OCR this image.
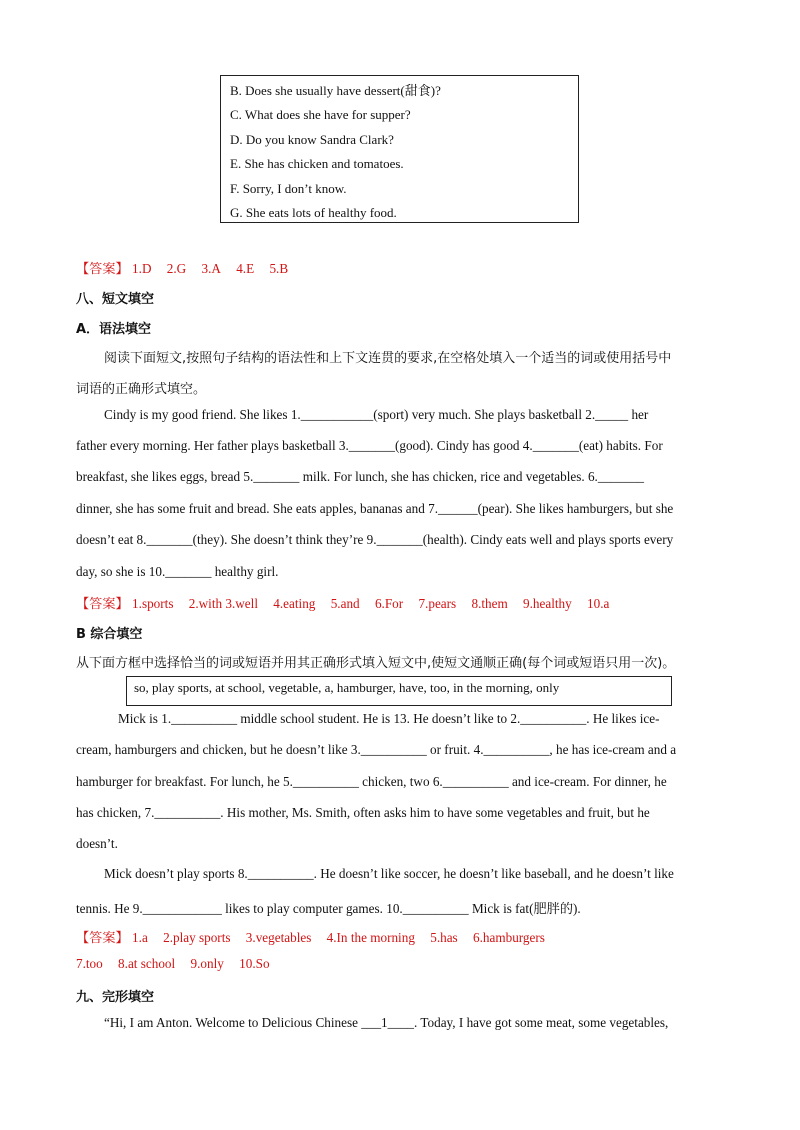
B. Does she usually have dessert(甜食)?
C. What does she have for supper?
D. Do you know Sandra Clark?
E. She has chicken and tomatoes.
F. Sorry, I don’t know.
G. She eats lots of healthy food.
【答案】 1.D 2.G 3.A 4.E 5.B
八、短文填空
A．语法填空
阅读下面短文,按照句子结构的语法性和上下文连贯的要求,在空格处填入一个适当的词或使用括号中
词语的正确形式填空。
Cindy is my good friend. She likes 1.___________(sport) very much. She plays basketball 2._____ her
father every morning. Her father plays basketball 3._______(good). Cindy has good 4._______(eat) habits. For
breakfast, she likes eggs, bread 5._______ milk. For lunch, she has chicken, rice and vegetables. 6._______
dinner, she has some fruit and bread. She eats apples, bananas and 7.______(pear). She likes hamburgers, but she
doesn’t eat 8._______(they). She doesn’t think they’re 9._______(health). Cindy eats well and plays sports every
day, so she is 10._______ healthy girl.
【答案】 1.sports 2.with 3.well 4.eating 5.and 6.For 7.pears 8.them 9.healthy 10.a
B 综合填空
从下面方框中选择恰当的词或短语并用其正确形式填入短文中,使短文通顺正确(每个词或短语只用一次)。
so, play sports, at school, vegetable, a, hamburger, have, too, in the morning, only
Mick is 1.__________ middle school student. He is 13. He doesn’t like to 2.__________. He likes ice-
cream, hamburgers and chicken, but he doesn’t like 3.__________ or fruit. 4.__________, he has ice-cream and a
hamburger for breakfast. For lunch, he 5.__________ chicken, two 6.__________ and ice-cream. For dinner, he
has chicken, 7.__________. His mother, Ms. Smith, often asks him to have some vegetables and fruit, but he
doesn’t.
Mick doesn’t play sports 8.__________. He doesn’t like soccer, he doesn’t like baseball, and he doesn’t like
tennis. He 9.____________ likes to play computer games. 10.__________ Mick is fat(肥胖的).
【答案】 1.a 2.play sports 3.vegetables 4.In the morning 5.has 6.hamburgers
7.too 8.at school 9.only 10.So
九、完形填空
“Hi, I am Anton. Welcome to Delicious Chinese ___1____. Today, I have got some meat, some vegetables,
